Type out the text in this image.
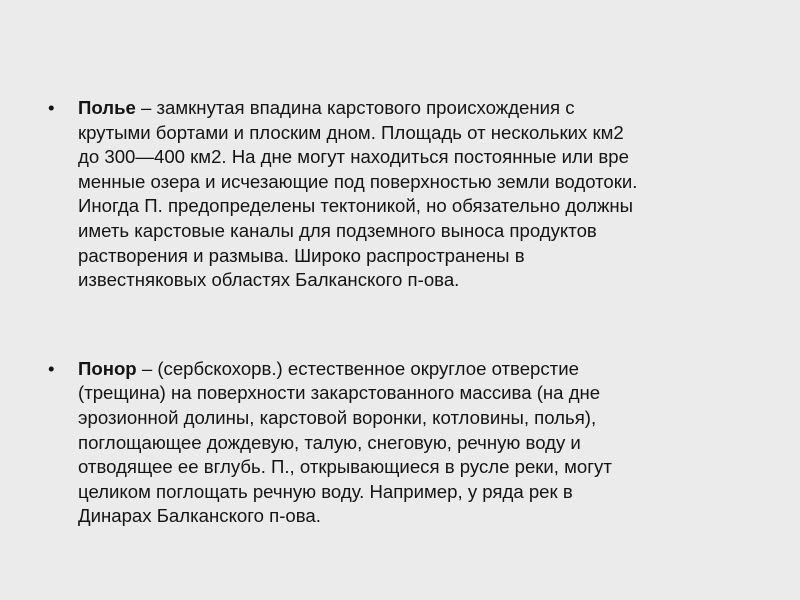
• Полье – замкнутая впадина карстового происхождения с
крутыми бортами и плоским дном. Площадь от нескольких км2
до 300—400 км2. На дне могут находиться постоянные или вре
менные озера и исчезающие под поверхностью земли водотоки.
Иногда П. предопределены тектоникой, но обязательно должны
иметь карстовые каналы для подземного выноса продуктов
растворения и размыва. Широко распространены в
известняковых областях Балканского п-ова.
• Понор – (сербскохорв.) естественное округлое отверстие
(трещина) на поверхности закарстованного массива (на дне
эрозионной долины, карстовой воронки, котловины, полья),
поглощающее дождевую, талую, снеговую, речную воду и
отводящее ее вглубь. П., открывающиеся в русле реки, могут
целиком поглощать речную воду. Например, у ряда рек в
Динарах Балканского п-ова.
